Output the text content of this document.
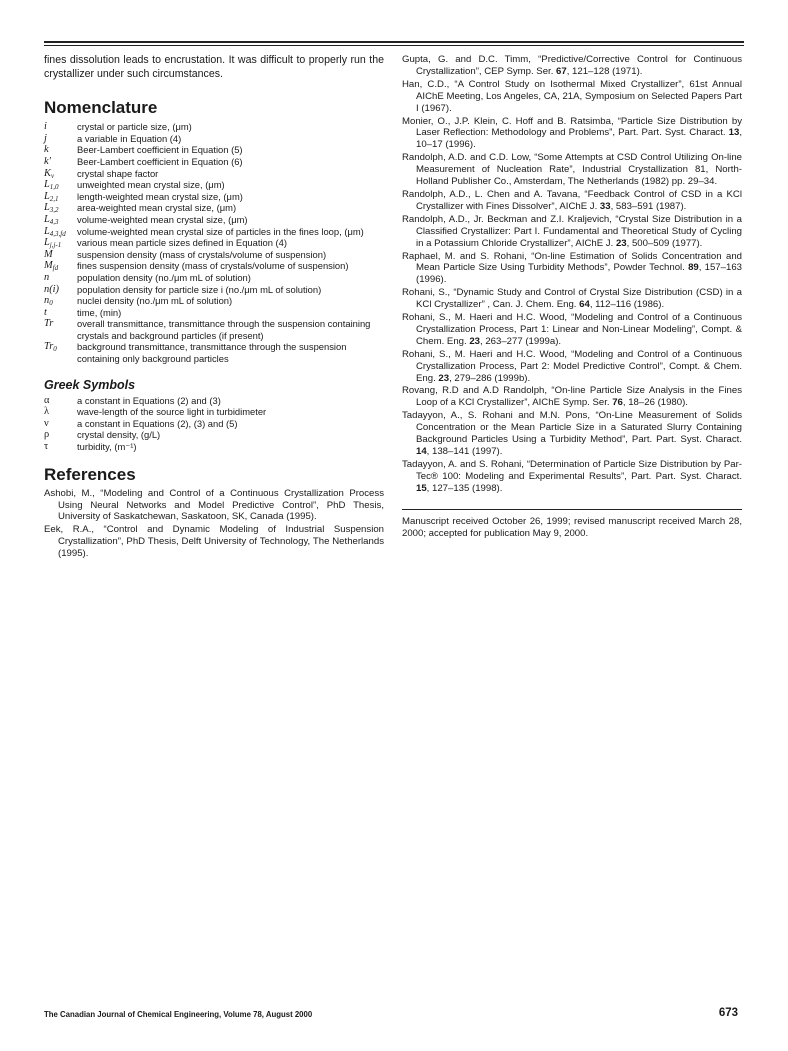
fines dissolution leads to encrustation. It was difficult to properly run the crystallizer under such circumstances.

Nomenclature
i	crystal or particle size, (μm)
j	a variable in Equation (4)
k	Beer-Lambert coefficient in Equation (5)
k′	Beer-Lambert coefficient in Equation (6)
$K_v$	crystal shape factor
$L_{1,0}$	unweighted mean crystal size, (μm)
$L_{2,1}$	length-weighted mean crystal size, (μm)
$L_{3,2}$	area-weighted mean crystal size, (μm)
$L_{4,3}$	volume-weighted mean crystal size, (μm)
$L_{4,3,fd}$	volume-weighted mean crystal size of particles in the fines loop, (μm)
$L_{j,j-1}$	various mean particle sizes defined in Equation (4)
M	suspension density (mass of crystals/volume of suspension)
$M_{fd}$	fines suspension density (mass of crystals/volume of suspension)
n	population density (no./μm mL of solution)
n(i)	population density for particle size i (no./μm mL of solution)
$n_0$	nuclei density (no./μm mL of solution)
t	time, (min)
Tr	overall transmittance, transmittance through the suspension containing crystals and background particles (if present)
$Tr_0$	background transmittance, transmittance through the suspension containing only background particles
Greek Symbols
α	a constant in Equations (2) and (3)
λ	wave-length of the source light in turbidimeter
ν	a constant in Equations (2), (3) and (5)
ρ	crystal density, (g/L)
τ	turbidity, (m⁻¹)
References

Ashobi, M., “Modeling and Control of a Continuous Crystallization Process Using Neural Networks and Model Predictive Control”, PhD Thesis, University of Saskatchewan, Saskatoon, SK, Canada (1995).

Eek, R.A., “Control and Dynamic Modeling of Industrial Suspension Crystallization”, PhD Thesis, Delft University of Technology, The Netherlands (1995).

Gupta, G. and D.C. Timm, “Predictive/Corrective Control for Continuous Crystallization”, CEP Symp. Ser. 67, 121–128 (1971).

Han, C.D., “A Control Study on Isothermal Mixed Crystallizer”, 61st Annual AIChE Meeting, Los Angeles, CA, 21A, Symposium on Selected Papers Part I (1967).

Monier, O., J.P. Klein, C. Hoff and B. Ratsimba, “Particle Size Distribution by Laser Reflection: Methodology and Problems”, Part. Part. Syst. Charact. 13, 10–17 (1996).

Randolph, A.D. and C.D. Low, “Some Attempts at CSD Control Utilizing On-line Measurement of Nucleation Rate”, Industrial Crystallization 81, North-Holland Publisher Co., Amsterdam, The Netherlands (1982) pp. 29–34.

Randolph, A.D., L. Chen and A. Tavana, “Feedback Control of CSD in a KCl Crystallizer with Fines Dissolver”, AIChE J. 33, 583–591 (1987).

Randolph, A.D., Jr. Beckman and Z.I. Kraljevich, “Crystal Size Distribution in a Classified Crystallizer: Part I. Fundamental and Theoretical Study of Cycling in a Potassium Chloride Crystallizer”, AIChE J. 23, 500–509 (1977).

Raphael, M. and S. Rohani, “On-line Estimation of Solids Concentration and Mean Particle Size Using Turbidity Methods”, Powder Technol. 89, 157–163 (1996).

Rohani, S., “Dynamic Study and Control of Crystal Size Distribution (CSD) in a KCl Crystallizer” , Can. J. Chem. Eng. 64, 112–116 (1986).

Rohani, S., M. Haeri and H.C. Wood, “Modeling and Control of a Continuous Crystallization Process, Part 1: Linear and Non-Linear Modeling”, Compt. & Chem. Eng. 23, 263–277 (1999a).

Rohani, S., M. Haeri and H.C. Wood, “Modeling and Control of a Continuous Crystallization Process, Part 2: Model Predictive Control”, Compt. & Chem. Eng. 23, 279–286 (1999b).

Rovang, R.D and A.D Randolph, “On-line Particle Size Analysis in the Fines Loop of a KCl Crystallizer”, AIChE Symp. Ser. 76, 18–26 (1980).

Tadayyon, A., S. Rohani and M.N. Pons, “On-Line Measurement of Solids Concentration or the Mean Particle Size in a Saturated Slurry Containing Background Particles Using a Turbidity Method”, Part. Part. Syst. Charact. 14, 138–141 (1997).

Tadayyon, A. and S. Rohani, “Determination of Particle Size Distribution by Par-Tec® 100: Modeling and Experimental Results”, Part. Part. Syst. Charact. 15, 127–135 (1998).

Manuscript received October 26, 1999; revised manuscript received March 28, 2000; accepted for publication May 9, 2000.

The Canadian Journal of Chemical Engineering, Volume 78, August 2000	673
